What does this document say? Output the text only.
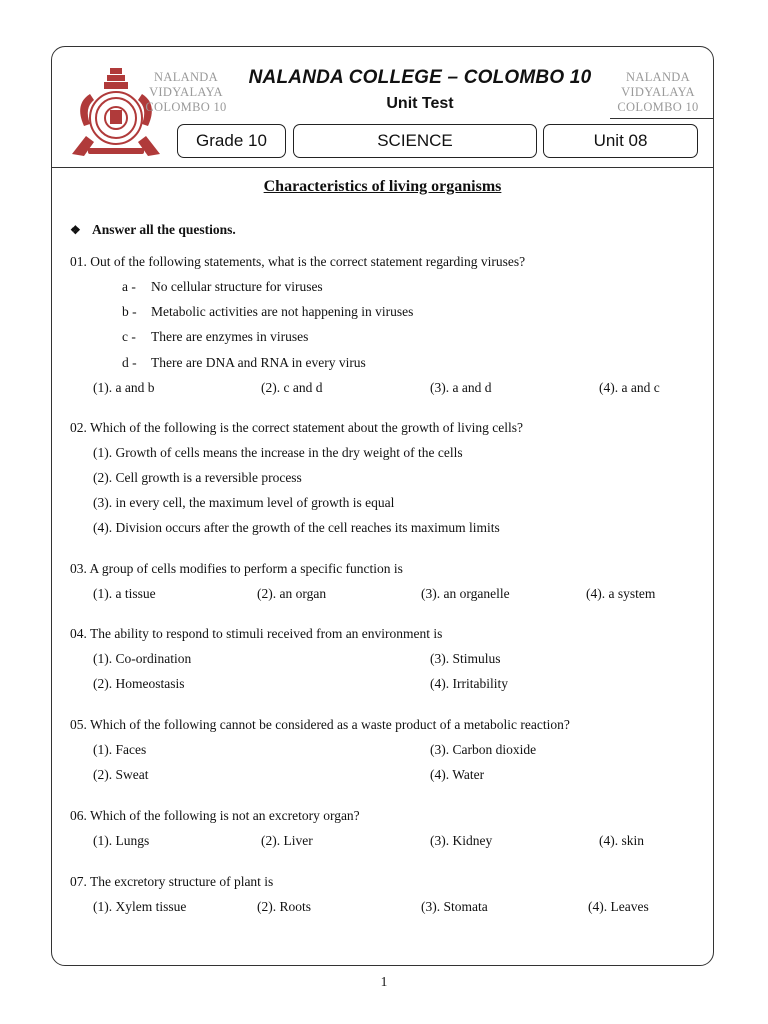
NALANDA
VIDYALAYA
COLOMBO 10
NALANDA
VIDYALAYA
COLOMBO 10
NALANDA COLLEGE – COLOMBO 10
Unit Test
Grade 10	SCIENCE	Unit 08
Characteristics of living organisms
❖ Answer all the questions.
01. Out of the following statements, what is the correct statement regarding viruses?
a - No cellular structure for viruses
b - Metabolic activities are not happening in viruses
c - There are enzymes in viruses
d - There are DNA and RNA in every virus
(1). a and b	(2). c and d	(3). a and d	(4). a and c
02. Which of the following is the correct statement about the growth of living cells?
(1). Growth of cells means the increase in the dry weight of the cells
(2). Cell growth is a reversible process
(3). in every cell, the maximum level of growth is equal
(4). Division occurs after the growth of the cell reaches its maximum limits
03. A group of cells modifies to perform a specific function is
(1). a tissue	(2). an organ	(3). an organelle	(4). a system
04. The ability to respond to stimuli received from an environment is
(1). Co-ordination
(2). Homeostasis
(3). Stimulus
(4). Irritability
05. Which of the following cannot be considered as a waste product of a metabolic reaction?
(1). Faces
(2). Sweat
(3). Carbon dioxide
(4). Water
06. Which of the following is not an excretory organ?
(1). Lungs	(2). Liver	(3). Kidney	(4). skin
07. The excretory structure of plant is
(1). Xylem tissue	(2). Roots	(3). Stomata	(4). Leaves
1
